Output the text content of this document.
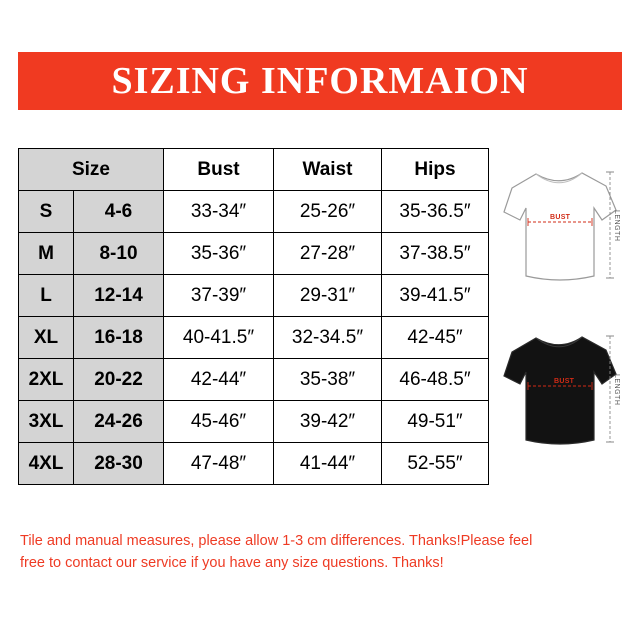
SIZING INFORMAION
Size		Bust	Waist	Hips
S	4-6	33-34″	25-26″	35-36.5″
M	8-10	35-36″	27-28″	37-38.5″
L	12-14	37-39″	29-31″	39-41.5″
XL	16-18	40-41.5″	32-34.5″	42-45″
2XL	20-22	42-44″	35-38″	46-48.5″
3XL	24-26	45-46″	39-42″	49-51″
4XL	28-30	47-48″	41-44″	52-55″
BUST	LENGTH
BUST	LENGTH
Tile and manual measures, please allow 1-3 cm differences. Thanks!Please feel
free to contact our service if you have any size questions. Thanks!
